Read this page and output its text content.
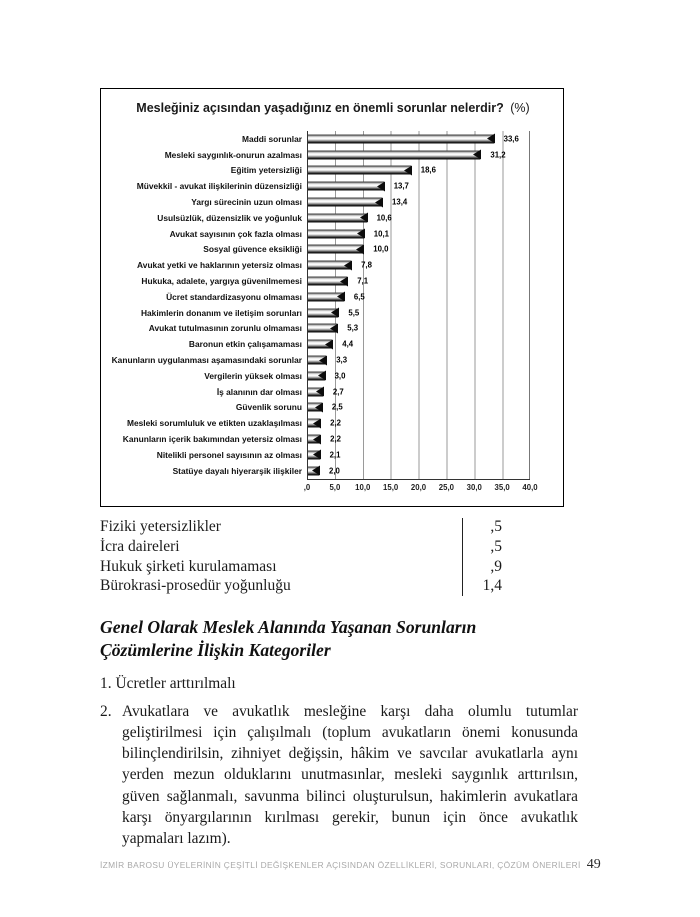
Mesleğiniz açısından yaşadığınız en önemli sorunlar nelerdir? (%)
Maddi sorunlar	33,6
Mesleki saygınlık-onurun azalması	31,2
Eğitim yetersizliği	18,6
Müvekkil - avukat ilişkilerinin düzensizliği	13,7
Yargı sürecinin uzun olması	13,4
Usulsüzlük, düzensizlik ve yoğunluk	10,6
Avukat sayısının çok fazla olması	10,1
Sosyal güvence eksikliği	10,0
Avukat yetki ve haklarının yetersiz olması	7,8
Hukuka, adalete, yargıya güvenilmemesi	7,1
Ücret standardizasyonu olmaması	6,5
Hakimlerin donanım ve iletişim sorunları	5,5
Avukat tutulmasının zorunlu olmaması	5,3
Baronun etkin çalışamaması	4,4
Kanunların uygulanması aşamasındaki sorunlar	3,3
Vergilerin yüksek olması	3,0
İş alanının dar olması	2,7
Güvenlik sorunu	2,5
Mesleki sorumluluk ve etikten uzaklaşılması	2,2
Kanunların içerik bakımından yetersiz olması	2,2
Nitelikli personel sayısının az olması	2,1
Statüye dayalı hiyerarşik ilişkiler	2,0
,0 5,0 10,0 15,0 20,0 25,0 30,0 35,0 40,0
Fiziki yetersizlikler	,5
İcra daireleri	,5
Hukuk şirketi kurulamaması	,9
Bürokrasi-prosedür yoğunluğu	1,4
Genel Olarak Meslek Alanında Yaşanan Sorunların Çözümlerine İlişkin Kategoriler
1. Ücretler arttırılmalı
2. Avukatlara ve avukatlık mesleğine karşı daha olumlu tutumlar geliştirilmesi için çalışılmalı (toplum avukatların önemi konusunda bilinçlendirilsin, zihniyet değişsin, hâkim ve savcılar avukatlarla aynı yerden mezun olduklarını unutmasınlar, mesleki saygınlık arttırılsın, güven sağlanmalı, savunma bilinci oluşturulsun, hakimlerin avukatlara karşı önyargılarının kırılması gerekir, bunun için önce avukatlık yapmaları lazım).
İZMİR BAROSU ÜYELERİNİN ÇEŞİTLİ DEĞİŞKENLER AÇISINDAN ÖZELLİKLERİ, SORUNLARI, ÇÖZÜM ÖNERİLERİ 49
